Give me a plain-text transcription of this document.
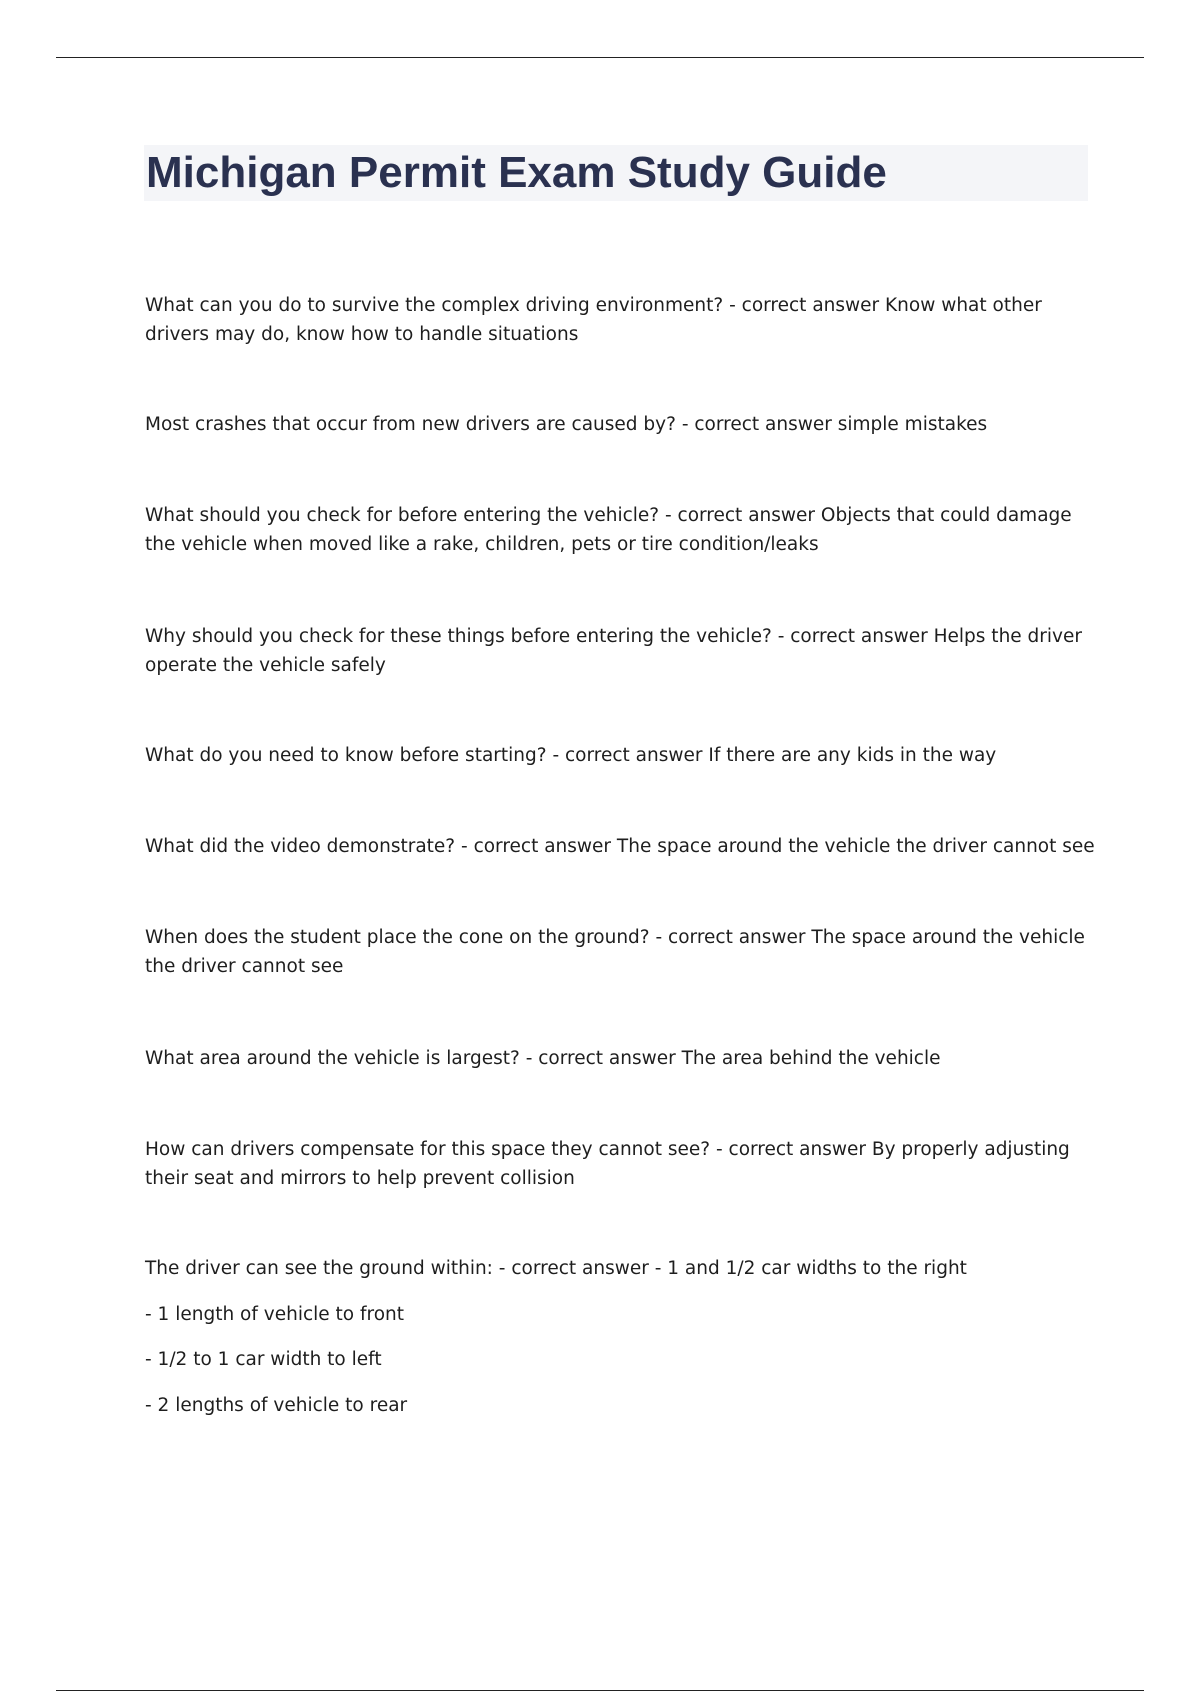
Michigan Permit Exam Study Guide

What can you do to survive the complex driving environment? - correct answer Know what other drivers may do, know how to handle situations

Most crashes that occur from new drivers are caused by? - correct answer simple mistakes

What should you check for before entering the vehicle? - correct answer Objects that could damage the vehicle when moved like a rake, children, pets or tire condition/leaks

Why should you check for these things before entering the vehicle? - correct answer Helps the driver operate the vehicle safely

What do you need to know before starting? - correct answer If there are any kids in the way

What did the video demonstrate? - correct answer The space around the vehicle the driver cannot see

When does the student place the cone on the ground? - correct answer The space around the vehicle the driver cannot see

What area around the vehicle is largest? - correct answer The area behind the vehicle

How can drivers compensate for this space they cannot see? - correct answer By properly adjusting their seat and mirrors to help prevent collision

The driver can see the ground within: - correct answer - 1 and 1/2 car widths to the right

- 1 length of vehicle to front

- 1/2 to 1 car width to left

- 2 lengths of vehicle to rear
